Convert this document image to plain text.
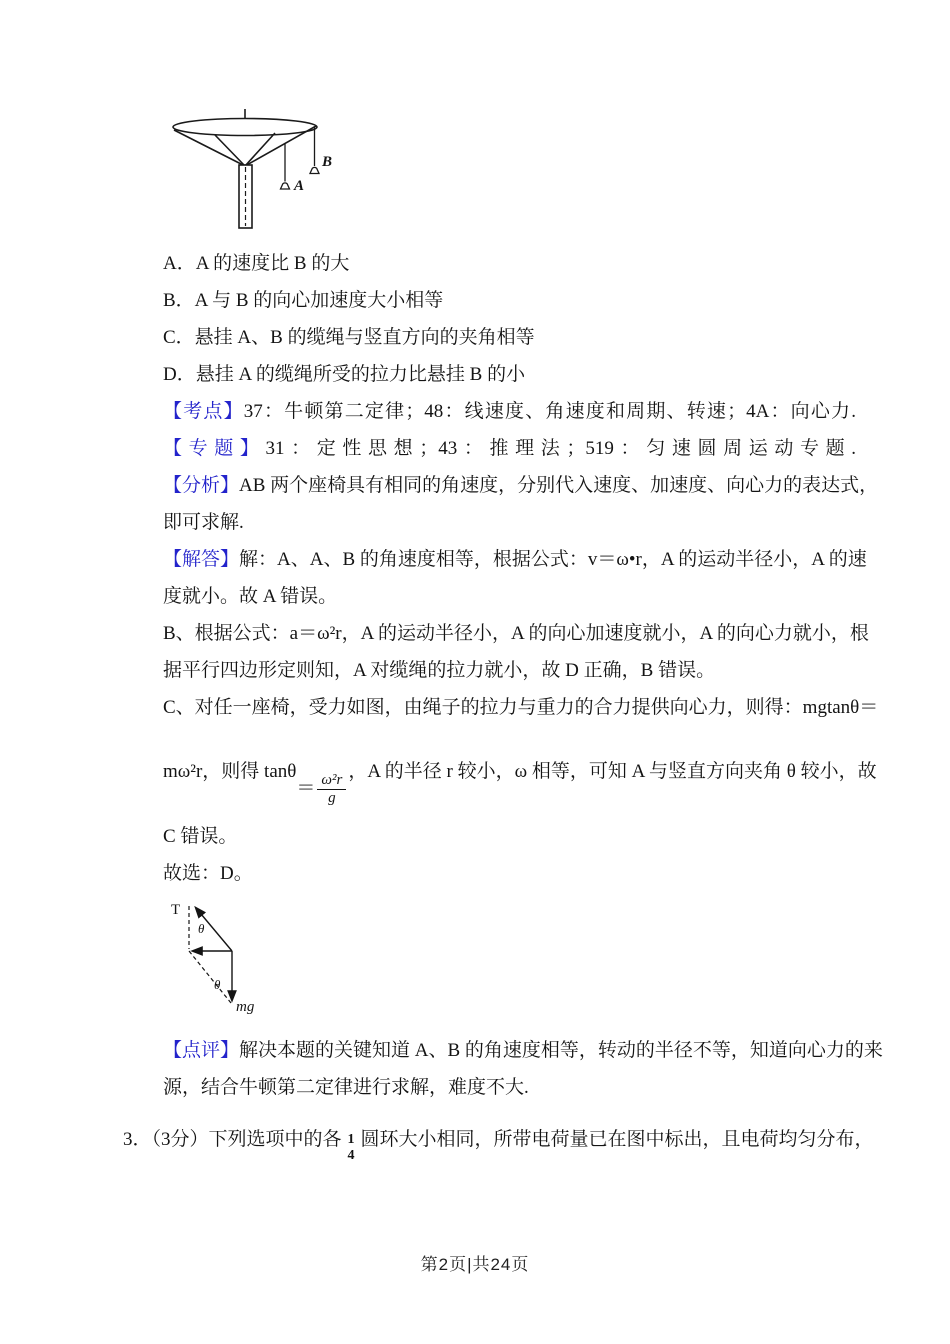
B
A
A．A 的速度比 B 的大
B．A 与 B 的向心加速度大小相等
C．悬挂 A、B 的缆绳与竖直方向的夹角相等
D．悬挂 A 的缆绳所受的拉力比悬挂 B 的小
【考点】37：牛顿第二定律；48：线速度、角速度和周期、转速；4A：向心力.
【专题】31：定性思想；43：推理法；519：匀速圆周运动专题.
【分析】AB 两个座椅具有相同的角速度，分别代入速度、加速度、向心力的表达式，
即可求解.
【解答】解：A、A、B 的角速度相等，根据公式：v＝ω•r，A 的运动半径小，A 的速
度就小。故 A 错误。
B、根据公式：a＝ω²r，A 的运动半径小，A 的向心加速度就小，A 的向心力就小，根
据平行四边形定则知，A 对缆绳的拉力就小，故 D 正确，B 错误。
C、对任一座椅，受力如图，由绳子的拉力与重力的合力提供向心力，则得：mgtanθ＝
mω²r，则得 $\tan\theta= \frac{\text{ω²r}}{g}$
，A 的半径 r 较小，ω 相等，可知 A 与竖直方向夹角 θ 较小，故
C 错误。
故选：D。
【点评】解决本题的关键知道 A、B 的角速度相等，转动的半径不等，知道向心力的来
源，结合牛顿第二定律进行求解，难度不大.
3．（3分）下列选项中的各 1
4
圆环大小相同，所带电荷量已在图中标出，且电荷均匀分布，
T
θ
θ
mg
第2页|共24页
